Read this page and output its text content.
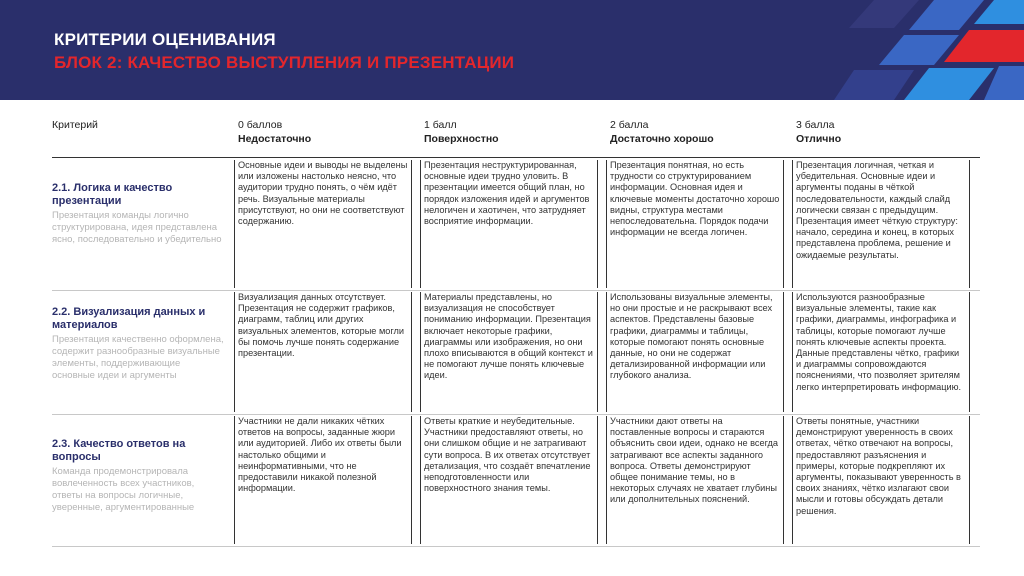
КРИТЕРИИ ОЦЕНИВАНИЯ
БЛОК 2: КАЧЕСТВО ВЫСТУПЛЕНИЯ И ПРЕЗЕНТАЦИИ
Критерий	0 баллов
Недостаточно
1 балл
Поверхностно
2 балла
Достаточно хорошо
3 балла
Отлично
2.1. Логика и качество презентации
Презентация команды логично структурирована, идея представлена ясно, последовательно и убедительно
Основные идеи и выводы не выделены или изложены настолько неясно, что аудитории трудно понять, о чём идёт речь. Визуальные материалы присутствуют, но они не соответствуют содержанию.
Презентация неструктурированная, основные идеи трудно уловить. В презентации имеется общий план, но порядок изложения идей и аргументов нелогичен и хаотичен, что затрудняет восприятие информации.
Презентация понятная, но есть трудности со структурированием информации. Основная идея и ключевые моменты достаточно хорошо видны, структура местами непоследовательна. Порядок подачи информации не всегда логичен.
Презентация логичная, четкая и убедительная. Основные идеи и аргументы поданы в чёткой последовательности, каждый слайд логически связан с предыдущим. Презентация имеет чёткую структуру: начало, середина и конец, в которых представлена проблема, решение и ожидаемые результаты.
2.2. Визуализация данных и материалов
Презентация качественно оформлена, содержит разнообразные визуальные элементы, поддерживающие основные идеи и аргументы
Визуализация данных отсутствует. Презентация не содержит графиков, диаграмм, таблиц или других визуальных элементов, которые могли бы помочь лучше понять содержание презентации.
Материалы представлены, но визуализация не способствует пониманию информации. Презентация включает некоторые графики, диаграммы или изображения, но они плохо вписываются в общий контекст и не помогают лучше понять ключевые идеи.
Использованы визуальные элементы, но они простые и не раскрывают всех аспектов. Представлены базовые графики, диаграммы и таблицы, которые помогают понять основные данные, но они не содержат детализированной информации или глубокого анализа.
Используются разнообразные визуальные элементы, такие как графики, диаграммы, инфографика и таблицы, которые помогают лучше понять ключевые аспекты проекта. Данные представлены чётко, графики и диаграммы сопровождаются пояснениями, что позволяет зрителям легко интерпретировать информацию.
2.3. Качество ответов на вопросы
Команда продемонстрировала вовлеченность всех участников, ответы на вопросы логичные, уверенные, аргументированные
Участники не дали никаких чётких ответов на вопросы, заданные жюри или аудиторией. Либо их ответы были настолько общими и неинформативными, что не предоставили никакой полезной информации.
Ответы краткие и неубедительные. Участники предоставляют ответы, но они слишком общие и не затрагивают сути вопроса. В их ответах отсутствует детализация, что создаёт впечатление неподготовленности или поверхностного знания темы.
Участники дают ответы на поставленные вопросы и стараются объяснить свои идеи, однако не всегда затрагивают все аспекты заданного вопроса. Ответы демонстрируют общее понимание темы, но в некоторых случаях не хватает глубины или дополнительных пояснений.
Ответы понятные, участники демонстрируют уверенность в своих ответах, чётко отвечают на вопросы, предоставляют разъяснения и примеры, которые подкрепляют их аргументы, показывают уверенность в своих знаниях, чётко излагают свои мысли и готовы обсуждать детали решения.
